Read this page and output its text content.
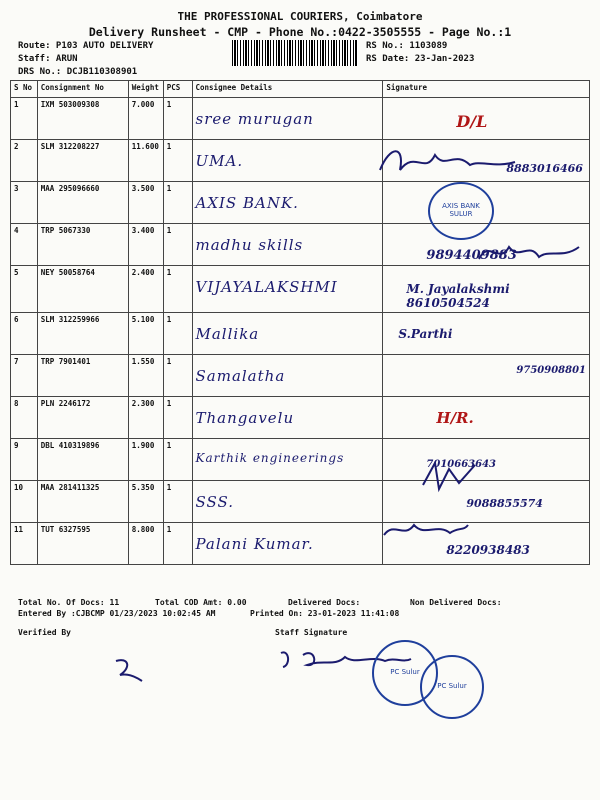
THE PROFESSIONAL COURIERS, Coimbatore
Delivery Runsheet - CMP - Phone No.:0422-3505555 - Page No.:1
Route: P103 AUTO DELIVERY
Staff: ARUN
DRS No.: DCJB110308901
RS No.: 1103089
RS Date: 23-Jan-2023
S No	Consignment No	Weight	PCS	Consignee Details	Signature
1	IXM 503009308	7.000	1	sree murugan	D/L

2	SLM 312208227	11.600	1	UMA.	8883016466

3	MAA 295096660	3.500	1	AXIS BANK.	

4	TRP 5067330	3.400	1	madhu skills	9894409883

5	NEY 50058764	2.400	1	VIJAYALAKSHMI	M. Jayalakshmi 8610504524

6	SLM 312259966	5.100	1	Mallika	S.Parthi

7	TRP 7901401	1.550	1	Samalatha	9750908801

8	PLN 2246172	2.300	1	Thangavelu	H/R.

9	DBL 410319896	1.900	1	Karthik engineerings	7010663643

10	MAA 281411325	5.350	1	SSS.	9088855574

11	TUT 6327595	8.800	1	Palani Kumar.	8220938483
AXIS BANK SULUR
Total No. Of Docs: 11	Total COD Amt: 0.00	Delivered Docs:	Non Delivered Docs:
Entered By :CJBCMP 01/23/2023 10:02:45 AM	Printed On: 23-01-2023 11:41:08
Verified By	Staff Signature
PC Sulur
PC Sulur
